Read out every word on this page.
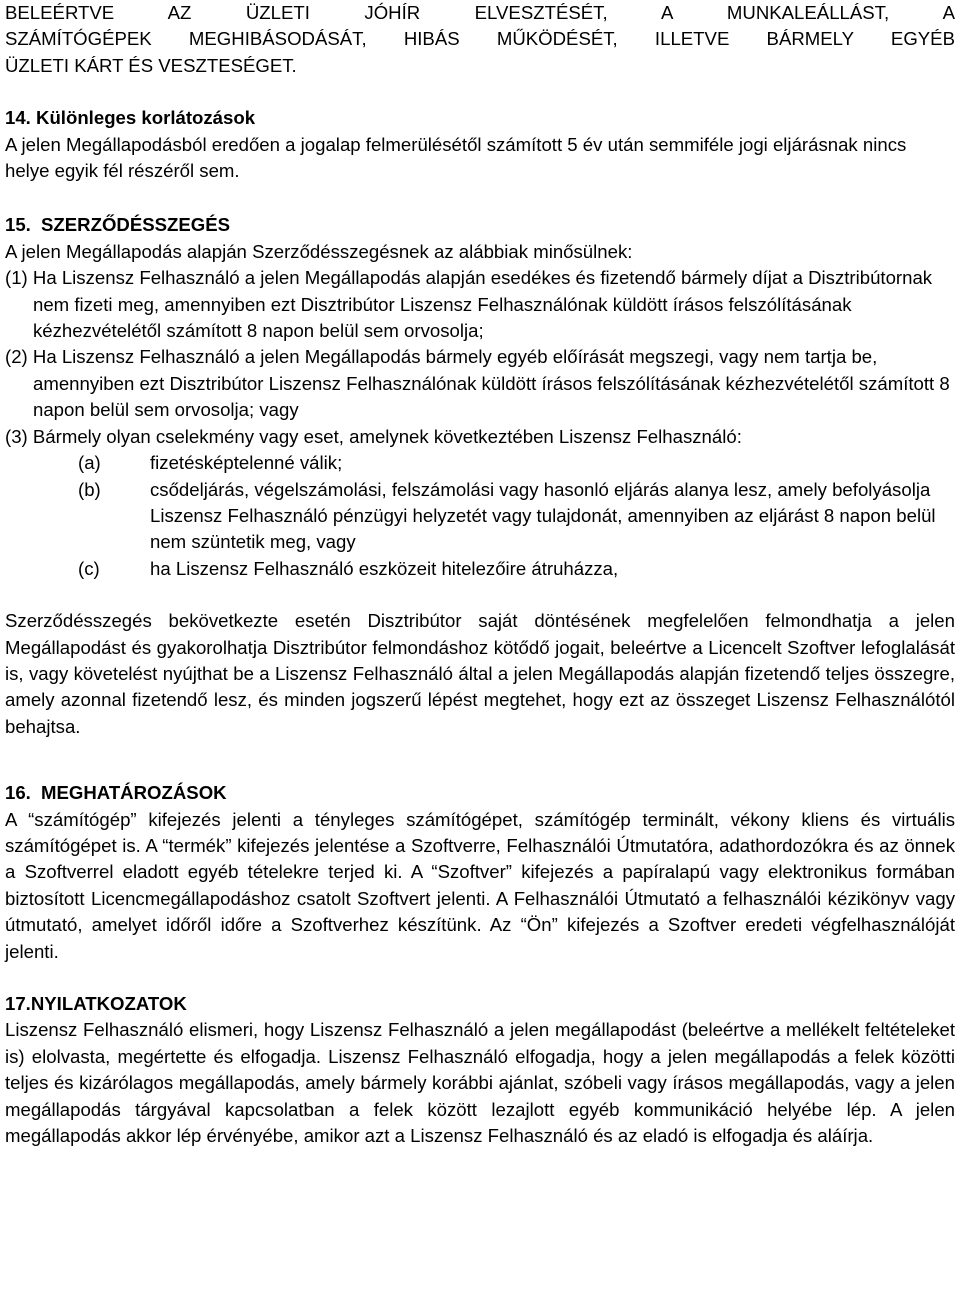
BELEÉRTVE AZ ÜZLETI JÓHÍR ELVESZTÉSÉT, A MUNKALEÁLLÁST, A

SZÁMÍTÓGÉPEK MEGHIBÁSODÁSÁT, HIBÁS MŰKÖDÉSÉT, ILLETVE BÁRMELY EGYÉB

ÜZLETI KÁRT ÉS VESZTESÉGET.

14. Különleges korlátozások

A jelen Megállapodásból eredően a jogalap felmerülésétől számított 5 év után semmiféle jogi eljárásnak nincs helye egyik fél részéről sem.

15. SZERZŐDÉSSZEGÉS

A jelen Megállapodás alapján Szerződésszegésnek az alábbiak minősülnek:

(1) Ha Liszensz Felhasználó a jelen Megállapodás alapján esedékes és fizetendő bármely díjat a Disztribútornak nem fizeti meg, amennyiben ezt Disztribútor Liszensz Felhasználónak küldött írásos felszólításának kézhezvételétől számított 8 napon belül sem orvosolja;

(2) Ha Liszensz Felhasználó a jelen Megállapodás bármely egyéb előírását megszegi, vagy nem tartja be, amennyiben ezt Disztribútor Liszensz Felhasználónak küldött írásos felszólításának kézhezvételétől számított 8 napon belül sem orvosolja; vagy

(3) Bármely olyan cselekmény vagy eset, amelynek következtében Liszensz Felhasználó:

(a)	fizetésképtelenné válik;
(b)	csődeljárás, végelszámolási, felszámolási vagy hasonló eljárás alanya lesz, amely befolyásolja Liszensz Felhasználó pénzügyi helyzetét vagy tulajdonát, amennyiben az eljárást 8 napon belül nem szüntetik meg, vagy
(c)	ha Liszensz Felhasználó eszközeit hitelezőire átruházza,

Szerződésszegés bekövetkezte esetén Disztribútor saját döntésének megfelelően felmondhatja a jelen Megállapodást és gyakorolhatja Disztribútor felmondáshoz kötődő jogait, beleértve a Licencelt Szoftver lefoglalását is, vagy követelést nyújthat be a Liszensz Felhasználó által a jelen Megállapodás alapján fizetendő teljes összegre, amely azonnal fizetendő lesz, és minden jogszerű lépést megtehet, hogy ezt az összeget Liszensz Felhasználótól behajtsa.

16. MEGHATÁROZÁSOK

A “számítógép” kifejezés jelenti a tényleges számítógépet, számítógép terminált, vékony kliens és virtuális számítógépet is. A “termék” kifejezés jelentése a Szoftverre, Felhasználói Útmutatóra, adathordozókra és az önnek a Szoftverrel eladott egyéb tételekre terjed ki. A “Szoftver” kifejezés a papíralapú vagy elektronikus formában biztosított Licencmegállapodáshoz csatolt Szoftvert jelenti. A Felhasználói Útmutató a felhasználói kézikönyv vagy útmutató, amelyet időről időre a Szoftverhez készítünk. Az “Ön” kifejezés a Szoftver eredeti végfelhasználóját jelenti.

17.NYILATKOZATOK

Liszensz Felhasználó elismeri, hogy Liszensz Felhasználó a jelen megállapodást (beleértve a mellékelt feltételeket is) elolvasta, megértette és elfogadja. Liszensz Felhasználó elfogadja, hogy a jelen megállapodás a felek közötti teljes és kizárólagos megállapodás, amely bármely korábbi ajánlat, szóbeli vagy írásos megállapodás, vagy a jelen megállapodás tárgyával kapcsolatban a felek között lezajlott egyéb kommunikáció helyébe lép. A jelen megállapodás akkor lép érvényébe, amikor azt a Liszensz Felhasználó és az eladó is elfogadja és aláírja.
